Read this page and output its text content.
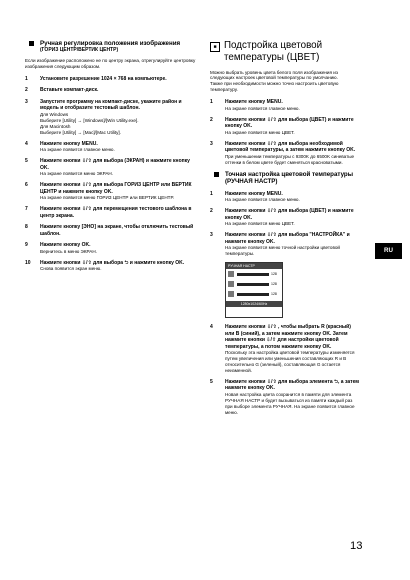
Ручная регулировка положения изображения
(ГОРИЗ ЦЕНТР/ВЕРТИК ЦЕНТР)
Если изображение расположено не по центру экрана, отрегулируйте центровку изображения следующим образом.
1	Установите разрешение 1024 × 768 на компьютере.
2	Вставьте компакт-диск.
3	Запустите программу на компакт-диске, укажите район и модель и отобразите тестовый шаблон.
Для Windows
Выберите [Utility] → [Windows]/[Win Utility.exe].
Для Macintosh
Выберите [Utility] → [Mac]/[Mac Utility].
4	Нажмите кнопку MENU.
На экране появится главное меню.
5	Нажмите кнопки ⇩/⇧ для выбора (ЭКРАН) и нажмите кнопку OK.
На экране появится меню ЭКРАН.
6	Нажмите кнопки ⇩/⇧ для выбора ГОРИЗ ЦЕНТР или ВЕРТИК ЦЕНТР и нажмите кнопку OK.
На экране появится меню ГОРИЗ ЦЕНТР или ВЕРТИК ЦЕНТР.
7	Нажмите кнопки ⇩/⇧ для перемещения тестового шаблона в центр экрана.
8	Нажмите кнопку [ЭНО] на экране, чтобы отключить тестовый шаблон.
9	Нажмите кнопку OK.
Вернитесь в меню ЭКРАН.
10	Нажмите кнопки ⇩/⇧ для выбора ⮌ и нажмите кнопку OK.
Снова появится экран меню.
■ Подстройка цветовой температуры (ЦВЕТ)
Можно выбрать уровень цвета белого поля изображения из следующих настроек цветовой температуры по умолчанию.
Также при необходимости можно точно настроить цветовую температуру.
1	Нажмите кнопку MENU.
На экране появится главное меню.
2	Нажмите кнопки ⇩/⇧ для выбора (ЦВЕТ) и нажмите кнопку OK.
На экране появится меню ЦВЕТ.
3	Нажмите кнопки ⇩/⇧ для выбора необходимой цветовой температуры, а затем нажмите кнопку OK.
При уменьшении температуры с 9300K до 6500K синеватые оттенки в белом цвете будет сменяться красноватыми.
Точная настройка цветовой температуры (РУЧНАЯ НАСТР)
1	Нажмите кнопку MENU.
На экране появится главное меню.
2	Нажмите кнопки ⇩/⇧ для выбора (ЦВЕТ) и нажмите кнопку OK.
На экране появится меню ЦВЕТ.
3	Нажмите кнопки ⇩/⇧ для выбора "НАСТРОЙКА" и нажмите кнопку OK.
На экране появится меню точной настройки цветовой температуры.
РУЧНАЯ НАСТР
128
128
128
1280x1024/60Hz
4	Нажмите кнопки ⇩/⇧ , чтобы выбрать R (красный) или B (синий), а затем нажмите кнопку OK. Затем нажмите кнопки ⇩/⇧ для настройки цветовой температуры, а потом нажмите кнопку OK.
Поскольку эта настройка цветовой температуры изменяется путем увеличения или уменьшения составляющих R и B относительно G (зеленый), составляющая G остается неизменной.
5	Нажмите кнопки ⇩/⇧ для выбора элемента ⮌, а затем нажмите кнопку OK.
Новая настройка цвета сохранится в памяти для элемента РУЧНАЯ НАСТР и будет вызываться из памяти каждый раз при выборе элемента РУЧНАЯ. На экране появится главное меню.
RU
13
